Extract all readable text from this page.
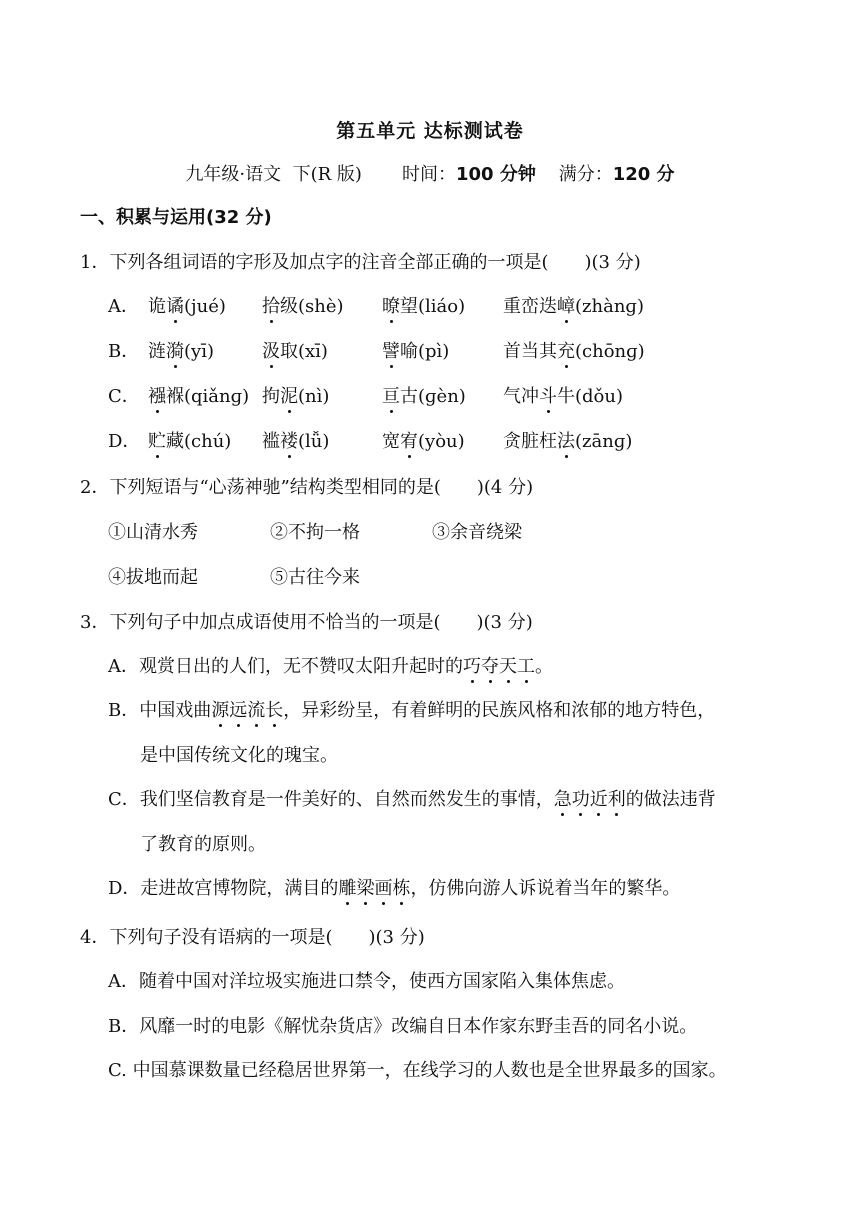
第五单元 达标测试卷
九年级·语文  下(R 版) 时间：100 分钟 满分：120 分
一、积累与运用(32 分)
1．下列各组词语的字形及加点字的注音全部正确的一项是(　　)(3 分)
A． 诡谲(jué) 拾级(shè) 暸望(liáo) 重峦迭嶂(zhànɡ)
B． 涟漪(yī)	汲取(xī)	譬喻(pì)	首当其充(chōnɡ)
C． 襁褓(qiǎnɡ) 拘泥(nì)	亘古(ɡèn) 气冲斗牛(dǒu)
D． 贮藏(chú) 褴褛(lǚ)	宽宥(yòu) 贪脏枉法(zānɡ)
2．下列短语与“心荡神驰”结构类型相同的是(　　)(4 分)
①山清水秀	②不拘一格	③余音绕梁
④拔地而起	⑤古往今来
3．下列句子中加点成语使用不恰当的一项是(　　)(3 分)
A．观赏日出的人们，无不赞叹太阳升起时的巧夺天工。
B．中国戏曲源远流长，异彩纷呈，有着鲜明的民族风格和浓郁的地方特色，
是中国传统文化的瑰宝。
C．我们坚信教育是一件美好的、自然而然发生的事情，急功近利的做法违背
了教育的原则。
D．走进故宫博物院，满目的雕梁画栋，仿佛向游人诉说着当年的繁华。
4．下列句子没有语病的一项是(　　)(3 分)
A．随着中国对洋垃圾实施进口禁令，使西方国家陷入集体焦虑。
B．风靡一时的电影《解忧杂货店》改编自日本作家东野圭吾的同名小说。
C. 中国慕课数量已经稳居世界第一，在线学习的人数也是全世界最多的国家。
